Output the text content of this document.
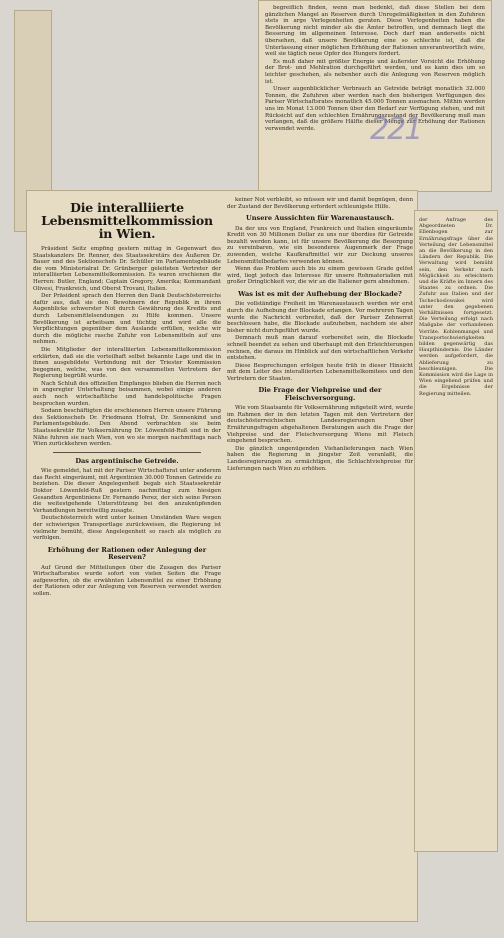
begreiflich finden, wenn man bedenkt, daß diese Stellen bei dem gänzlichen Mangel an Reserven durch Unregelmäßigkeiten in den Zufuhren stets in arge Verlegenheiten geraten. Diese Verlegenheiten haben die Bevölkerung nicht minder als die Ämter betroffen, und demnach liegt die Besserung im allgemeinen Interesse. Doch darf man anderseits nicht übersehen, daß unsere Bevölkerung eine so schlechte ist, daß die Unterlassung einer möglichen Erhöhung der Rationen unverantwortlich wäre, weil sie täglich neue Opfer des Hungers fordert.

Es muß daher mit größter Energie und äußerster Vorsicht die Erhöhung der Brot- und Mehlration durchgeführt werden, und es kann dies um so leichter geschehen, als nebenher auch die Anlegung von Reserven möglich ist.

Unser augenblicklicher Verbrauch an Getreide beträgt monatlich 32.000 Tonnen, die Zufuhren aber werden nach den bisherigen Verfügungen des Pariser Wirtschaftsrates monatlich 45.000 Tonnen ausmachen. Mithin werden uns im Monat 13.000 Tonnen über den Bedarf zur Verfügung stehen, und mit Rücksicht auf den schlechten Ernährungszustand der Bevölkerung muß man verlangen, daß die größere Hälfte dieser Menge zur Erhöhung der Rationen verwendet werde.

Die interalliierte Lebensmittelkommission in Wien.

Präsident Seitz empfing gestern mittag in Gegenwart des Staatskanzlers Dr. Renner, des Staatssekretärs des Äußeren Dr. Bauer und des Sektionschefs Dr. Schüller im Parlamentsgebäude die vom Ministerialrat Dr. Grünberger geleiteten Vertreter der interalliierten Lebensmittelkommission. Es waren erschienen die Herren: Butler, England; Captain Gregory, Amerika; Kommandant Olivesi, Frankreich, und Oberst Trovani, Italien.

Der Präsident sprach den Herren den Dank Deutschösterreichs dafür aus, daß sie den Bewohnern der Republik in ihrem Augenblicke schwerster Not durch Gewährung des Kredits und durch Lebensmittelsendungen zu Hilfe kommen. Unsere Bevölkerung ist arbeitsam und tüchtig und wird alle die Verpflichtungen gegenüber dem Auslande erfüllen, welche wir durch die mögliche rasche Zufuhr von Lebensmitteln auf uns nehmen.

Die Mitglieder der interalliierten Lebensmittelkommission erklärten, daß sie die vorteilhaft selbst bekannte Lage und die in ihnen ausgebildete Verbindung mit der Triester Kommission begegnen, welche, was von den versammelten Vertretern der Regierung begrüßt wurde.

Nach Schluß des offiziellen Empfanges blieben die Herren noch in angeregter Unterhaltung beisammen, wobei einige anderen auch noch wirtschaftliche und handelspolitische Fragen besprochen wurden.

Sodann beschäftigten die erschienenen Herren unsere Führung des Sektionschefs Dr. Friedmann Hofrat, Dr. Sonnenkind und Parlamentsgebäude. Den Abend verbrachten sie beim Staatssekretär für Volksernährung Dr. Löwenfeld-Ruß und in der Nähe fuhren sie nach Wien, von wo sie morgen nachmittags nach Wien zurückkehren werden.

Das argentinische Getreide.

Wie gemeldet, hat mit der Pariser Wirtschaftsrat unter anderem das Recht eingeräumt, mit Argentinien 30.000 Tonnen Getreide zu beziehen. Die dieser Angelegenheit begab sich Staatssekretär Doktor Löwenfeld-Ruß gestern nachmittag zum hiesigen Gesandten Argentiniens Dr. Fernando Perez, der sich seine Person die weitestgehende Unterstützung bei den anzuknüpfenden Verhandlungen bereitwillig zusagte.

Deutschösterreich wird unter keinen Umständen Ware wegen der schwierigen Transportlage zurückweisen, die Regierung ist vielmehr bemüht, diese Angelegenheit so rasch als möglich zu verfolgen.

Erhöhung der Rationen oder Anlegung der Reserven?

Auf Grund der Mitteilungen über die Zusagen des Pariser Wirtschaftsrates wurde sofort von vielen Seiten die Frage aufgeworfen, ob die erwähnten Lebensmittel zu einer Erhöhung der Rationen oder zur Anlegung von Reserven verwendet werden sollen.

keiner Not verbleibt, so müssen wir und damit begnügen, denn der Zustand der Bevölkerung erfordert schleunigste Hilfe.

Unsere Aussichten für Warenaustausch.

Da der uns von England, Frankreich und Italien eingeräumte Kredit von 30 Millionen Dollar zu uns nur überdies für Getreide bezahlt werden kann, ist für unsere Bevölkerung die Besorgung zu vereinbaren, wie ein besonderes Augenmerk der Frage zuwenden, welche Kaufkraftmittel wir zur Deckung unseres Lebensmittelbedarfes verwenden können.

Wenn das Problem auch bis zu einem gewissen Grade gelöst wird, liegt jedoch das Interesse für unsere Rohmaterialien mit großer Dringlichkeit vor, die wir an die Italiener gern abnehmen.

Was ist es mit der Aufhebung der Blockade?

Die vollständige Freiheit im Warenaustausch werden wir erst durch die Aufhebung der Blockade erlangen. Vor mehreren Tagen wurde die Nachricht verbreitet, daß der Pariser Zehnerrat beschlossen habe, die Blockade aufzuheben, nachdem sie aber bisher nicht durchgeführt wurde.

Demnach muß man darauf vorbereitet sein, die Blockade schnell beendet zu sehen und überhaupt mit den Erleichterungen rechnen, die daraus im Hinblick auf den wirtschaftlichen Verkehr entstehen.

Diese Besprechungen erfolgen heute früh in dieser Hinsicht mit dem Leiter des interalliierten Lebensmittelkomitees und den Vertretern der Staaten.

Die Frage der Viehpreise und der Fleischversorgung.

Wie vom Staatsamte für Volksernährung mitgeteilt wird, wurde im Rahmen der in den letzten Tagen mit den Vertretern der deutschösterreichischen Landesregierungen über Ernährungsfragen abgehaltenen Beratungen auch die Frage der Viehpreise und der Fleischversorgung Wiens mit Fleisch eingehend besprochen.

Die gänzlich ungenügenden Viehanlieferungen nach Wien haben die Regierung in jüngster Zeit veranlaßt, die Landesregierungen zu ermächtigen, die Schlachtviehpreise für Lieferungen nach Wien zu erhöhen.

der Anfrage des Abgeordneten Dr. Ellenbogen zur Ernährungsfrage über die Verteilung der Lebensmittel an die Bevölkerung in den Ländern der Republik. Die Verwaltung wird bemüht sein, den Verkehr nach Möglichkeit zu erleichtern und die Kräfte im Innern des Staates zu ordnen. Die Zufuhr aus Italien und der Tschechoslowakei wird unter den gegebenen Verhältnissen fortgesetzt. Die Verteilung erfolgt nach Maßgabe der vorhandenen Vorräte. Kohlenmangel und Transportschwierigkeiten bilden gegenwärtig das Haupthindernis. Die Länder werden aufgefordert, die Ablieferung zu beschleunigen. Die Kommission wird die Lage in Wien eingehend prüfen und die Ergebnisse der Regierung mitteilen.
221
